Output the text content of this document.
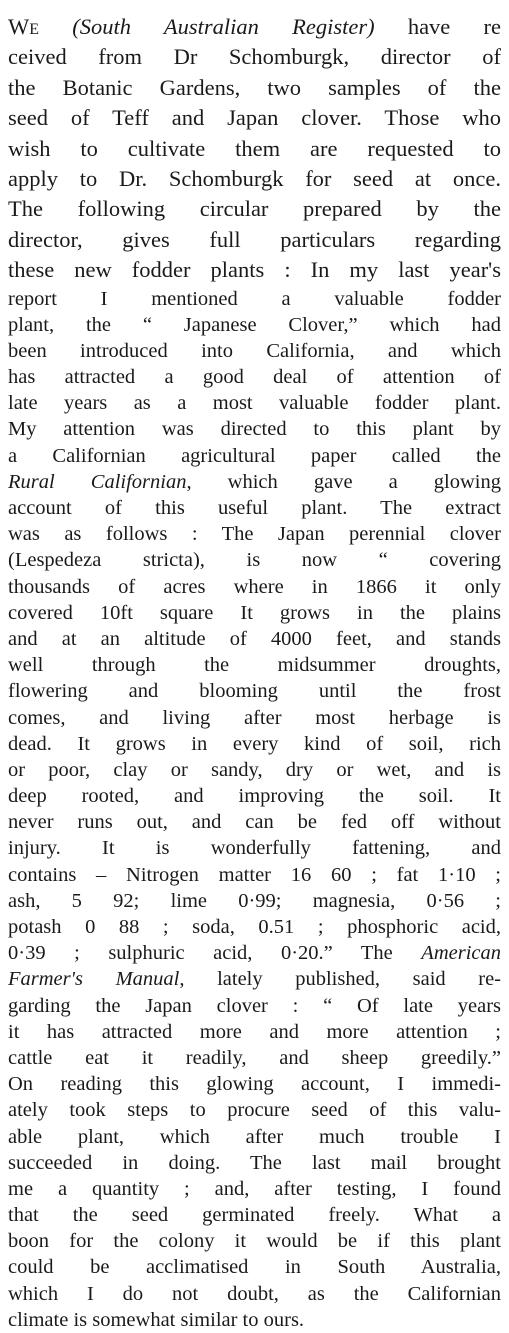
We (South Australian Register) have re
ceived from Dr Schomburgk, director of
the Botanic Gardens, two samples of the
seed of Teff and Japan clover. Those who
wish to cultivate them are requested to
apply to Dr. Schomburgk for seed at once.
The following circular prepared by the
director, gives full particulars regarding
these new fodder plants : In my last year's
report I mentioned a valuable fodder
plant, the “ Japanese Clover,” which had
been introduced into California, and which
has attracted a good deal of attention of
late years as a most valuable fodder plant.
My attention was directed to this plant by
a Californian agricultural paper called the
Rural Californian, which gave a glowing
account of this useful plant. The extract
was as follows : The Japan perennial clover
(Lespedeza stricta), is now “ covering
thousands of acres where in 1866 it only
covered 10ft square It grows in the plains
and at an altitude of 4000 feet, and stands
well through the midsummer droughts,
flowering and blooming until the frost
comes, and living after most herbage is
dead. It grows in every kind of soil, rich
or poor, clay or sandy, dry or wet, and is
deep rooted, and improving the soil. It
never runs out, and can be fed off without
injury. It is wonderfully fattening, and
contains – Nitrogen matter 16 60 ; fat 1·10 ;
ash, 5 92; lime 0·99; magnesia, 0·56 ;
potash 0 88 ; soda, 0.51 ; phosphoric acid,
0·39 ; sulphuric acid, 0·20.” The American
Farmer's Manual, lately published, said re-
garding the Japan clover : “ Of late years
it has attracted more and more attention ;
cattle eat it readily, and sheep greedily.”
On reading this glowing account, I immedi-
ately took steps to procure seed of this valu-
able plant, which after much trouble I
succeeded in doing. The last mail brought
me a quantity ; and, after testing, I found
that the seed germinated freely. What a
boon for the colony it would be if this plant
could be acclimatised in South Australia,
which I do not doubt, as the Californian
climate is somewhat similar to ours.
